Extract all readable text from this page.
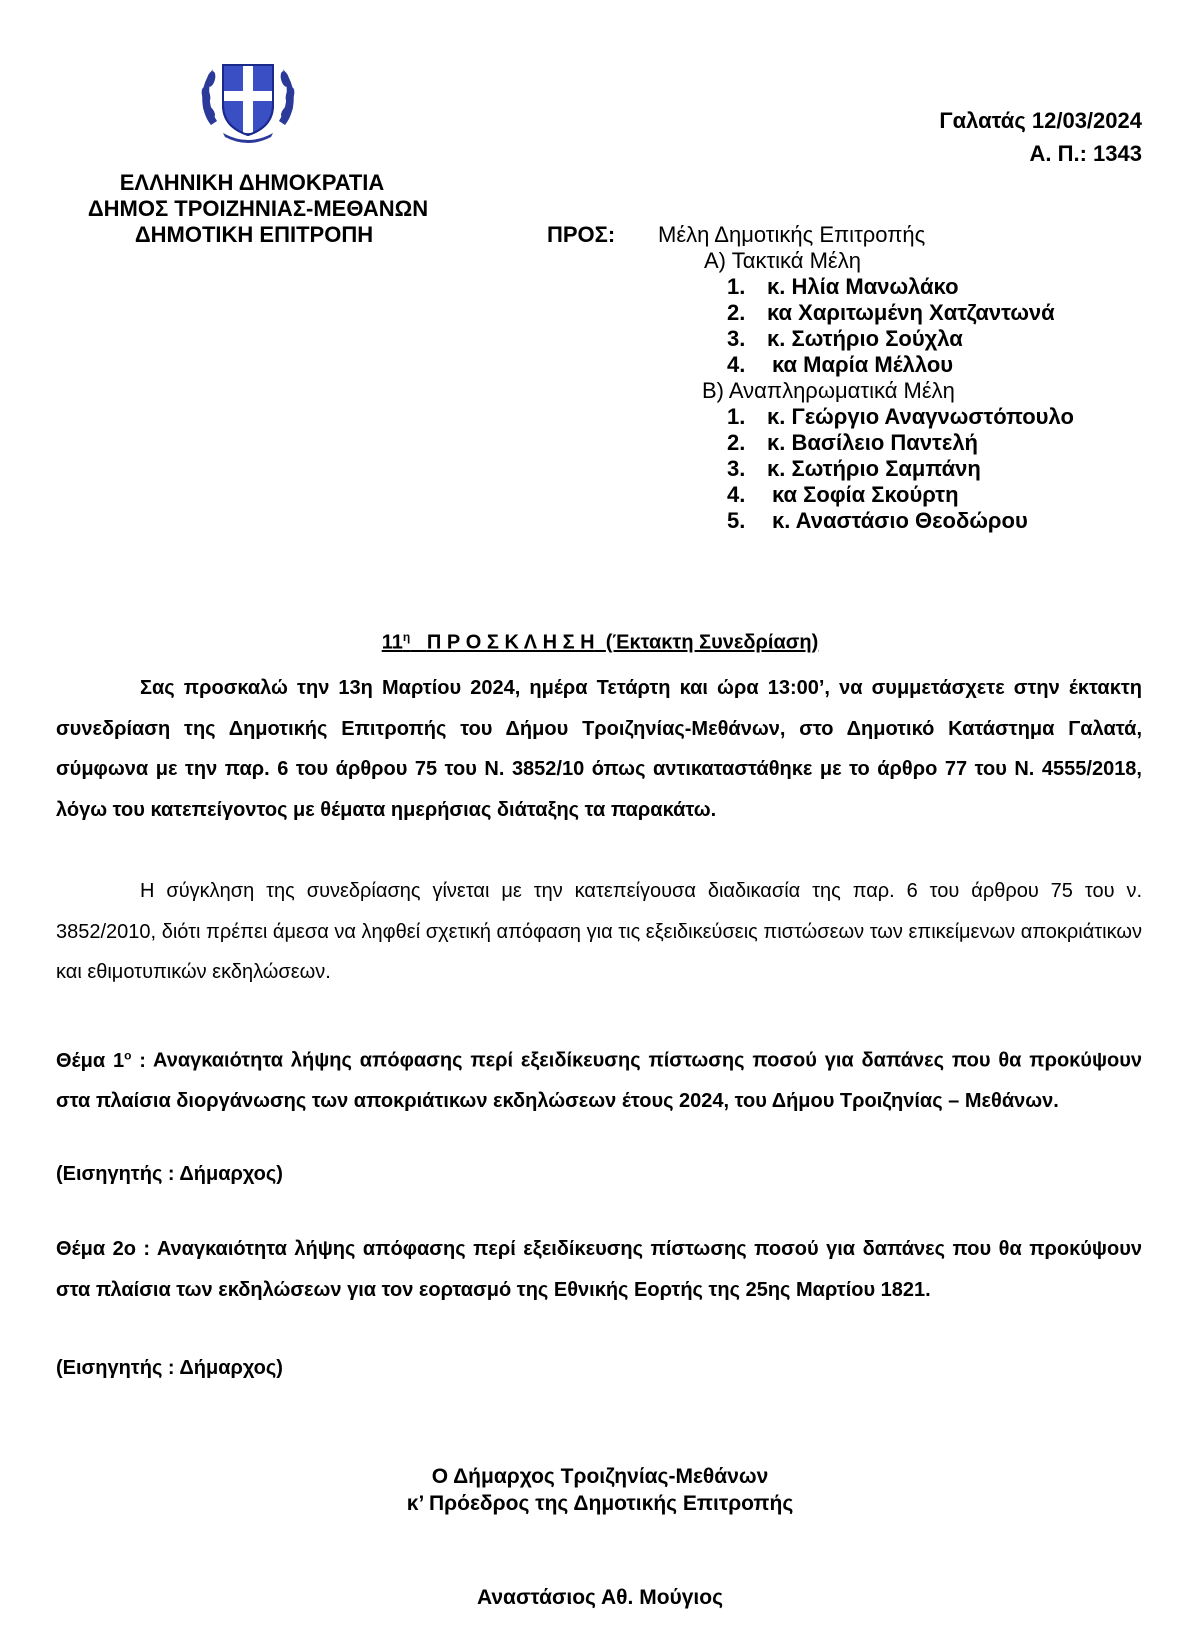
Γαλατάς 12/03/2024
Α. Π.: 1343
ΕΛΛΗΝΙΚΗ ΔΗΜΟΚΡΑΤΙΑ
ΔΗΜΟΣ ΤΡΟΙΖΗΝΙΑΣ-ΜΕΘΑΝΩΝ
ΔΗΜΟΤΙΚΗ ΕΠΙΤΡΟΠΗ	ΠΡΟΣ: Μέλη Δημοτικής Επιτροπής
Α) Τακτικά Μέλη
1. κ. Ηλία Μανωλάκο
2. κα Χαριτωμένη Χατζαντωνά
3. κ. Σωτήριο Σούχλα
4. κα Μαρία Μέλλου
Β) Αναπληρωματικά Μέλη
1. κ. Γεώργιο Αναγνωστόπουλο
2. κ. Βασίλειο Παντελή
3. κ. Σωτήριο Σαμπάνη
4. κα Σοφία Σκούρτη
5. κ. Αναστάσιο Θεοδώρου
$11^\eta$ Π Ρ Ο Σ Κ Λ Η Σ Η (Έκτακτη Συνεδρίαση)
Σας προσκαλώ την 13η Μαρτίου 2024, ημέρα Τετάρτη και ώρα 13:00’, να συμμετάσχετε στην έκτακτη συνεδρίαση της Δημοτικής Επιτροπής του Δήμου Τροιζηνίας-Μεθάνων, στο Δημοτικό Κατάστημα Γαλατά, σύμφωνα με την παρ. 6 του άρθρου 75 του Ν. 3852/10 όπως αντικαταστάθηκε με το άρθρο 77 του Ν. 4555/2018, λόγω του κατεπείγοντος με θέματα ημερήσιας διάταξης τα παρακάτω.
Η σύγκληση της συνεδρίασης γίνεται με την κατεπείγουσα διαδικασία της παρ. 6 του άρθρου 75 του ν. 3852/2010, διότι πρέπει άμεσα να ληφθεί σχετική απόφαση για τις εξειδικεύσεις πιστώσεων των επικείμενων αποκριάτικων και εθιμοτυπικών εκδηλώσεων.
Θέμα $1^o$ : Αναγκαιότητα λήψης απόφασης περί εξειδίκευσης πίστωσης ποσού για δαπάνες που θα προκύψουν στα πλαίσια διοργάνωσης των αποκριάτικων εκδηλώσεων έτους 2024, του Δήμου Τροιζηνίας – Μεθάνων.
(Εισηγητής : Δήμαρχος)
Θέμα 2ο : Αναγκαιότητα λήψης απόφασης περί εξειδίκευσης πίστωσης ποσού για δαπάνες που θα προκύψουν στα πλαίσια των εκδηλώσεων για τον εορτασμό της Εθνικής Εορτής της 25ης Μαρτίου 1821.
(Εισηγητής : Δήμαρχος)
Ο Δήμαρχος Τροιζηνίας-Μεθάνων
κ’ Πρόεδρος της Δημοτικής Επιτροπής
Αναστάσιος Αθ. Μούγιος
